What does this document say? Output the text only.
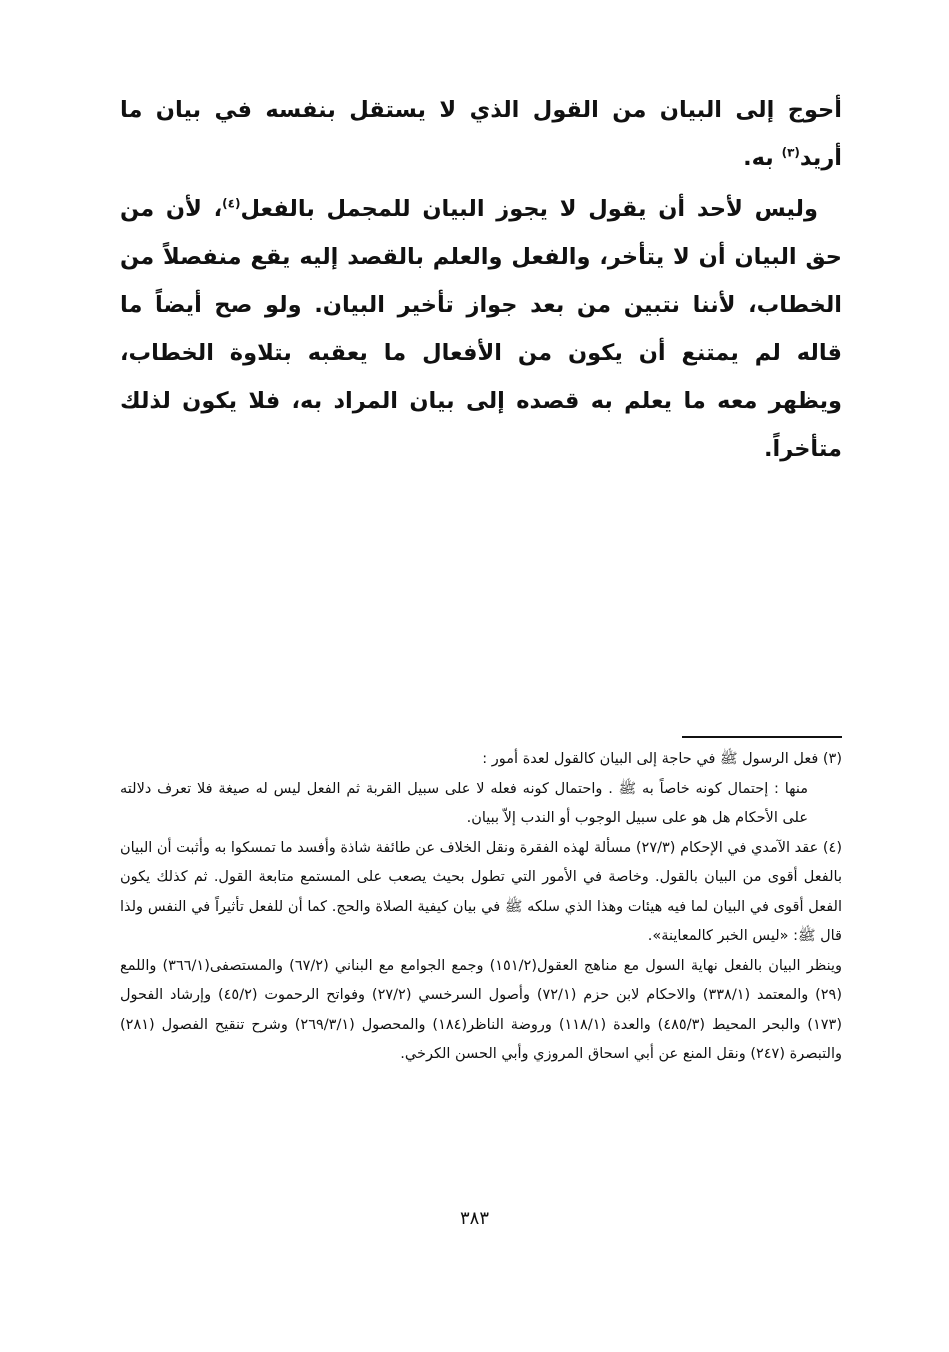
أحوج إلى البيان من القول الذي لا يستقل بنفسه في بيان ما أريد$^{(٣)}$ به.

وليس لأحد أن يقول لا يجوز البيان للمجمل بالفعل$^{(٤)}$، لأن من حق البيان أن لا يتأخر، والفعل والعلم بالقصد إليه يقع منفصلاً من الخطاب، لأننا نتبين من بعد جواز تأخير البيان. ولو صح أيضاً ما قاله لم يمتنع أن يكون من الأفعال ما يعقبه بتلاوة الخطاب، ويظهر معه ما يعلم به قصده إلى بيان المراد به، فلا يكون لذلك متأخراً.

(٣) فعل الرسول ﷺ في حاجة إلى البيان كالقول لعدة أمور :

منها : إحتمال كونه خاصاً به ﷺ . واحتمال كونه فعله لا على سبيل القربة ثم الفعل ليس له صيغة فلا تعرف دلالته على الأحكام هل هو على سبيل الوجوب أو الندب إلاّ ببيان.

(٤) عقد الآمدي في الإحكام (٢٧/٣) مسألة لهذه الفقرة ونقل الخلاف عن طائفة شاذة وأفسد ما تمسكوا به وأثبت أن البيان بالفعل أقوى من البيان بالقول. وخاصة في الأمور التي تطول بحيث يصعب على المستمع متابعة القول. ثم كذلك يكون الفعل أقوى في البيان لما فيه هيئات وهذا الذي سلكه ﷺ في بيان كيفية الصلاة والحج. كما أن للفعل تأثيراً في النفس ولذا قال ﷺ: «ليس الخبر كالمعاينة».

وينظر البيان بالفعل نهاية السول مع مناهج العقول(١٥١/٢) وجمع الجوامع مع البناني (٦٧/٢) والمستصفى(٣٦٦/١) واللمع (٢٩) والمعتمد (٣٣٨/١) والاحكام لابن حزم (٧٢/١) وأصول السرخسي (٢٧/٢) وفواتح الرحموت (٤٥/٢) وإرشاد الفحول (١٧٣) والبحر المحيط (٤٨٥/٣) والعدة (١١٨/١) وروضة الناظر(١٨٤) والمحصول (٢٦٩/٣/١) وشرح تنقيح الفصول (٢٨١) والتبصرة (٢٤٧) ونقل المنع عن أبي اسحاق المروزي وأبي الحسن الكرخي.

٣٨٣
